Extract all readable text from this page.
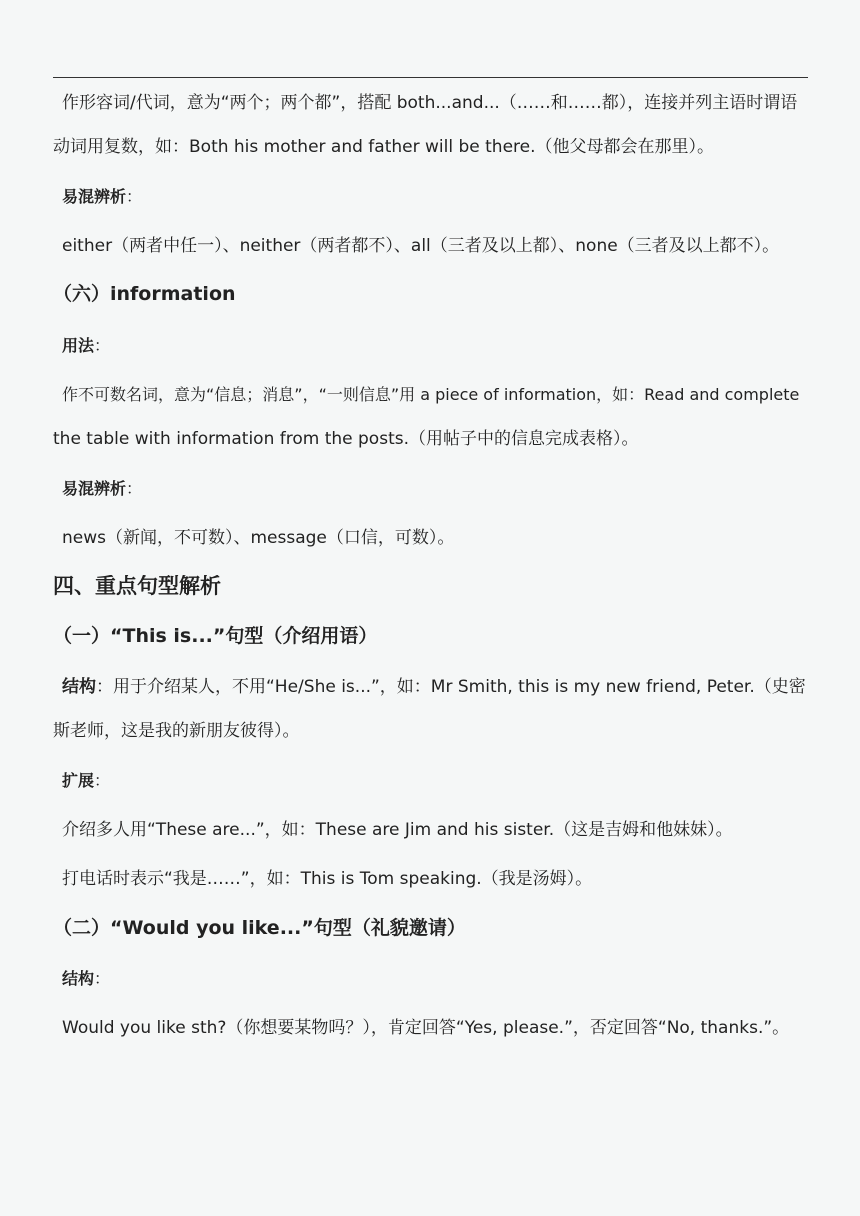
作形容词/代词，意为“两个；两个都”，搭配 both...and...（……和……都），连接并列主语时谓语
动词用复数，如：Both his mother and father will be there.（他父母都会在那里）。
易混辨析：
either（两者中任一）、neither（两者都不）、all（三者及以上都）、none（三者及以上都不）。
（六）information
用法：
作不可数名词，意为“信息；消息”，“一则信息”用 a piece of information，如：Read and complete
the table with information from the posts.（用帖子中的信息完成表格）。
易混辨析：
news（新闻，不可数）、message（口信，可数）。
四、重点句型解析
（一）“This is...”句型（介绍用语）
结构：用于介绍某人，不用“He/She is...”，如：Mr Smith, this is my new friend, Peter.（史密
斯老师，这是我的新朋友彼得）。
扩展：
介绍多人用“These are...”，如：These are Jim and his sister.（这是吉姆和他妹妹）。
打电话时表示“我是……”，如：This is Tom speaking.（我是汤姆）。
（二）“Would you like...”句型（礼貌邀请）
结构：
Would you like sth?（你想要某物吗？），肯定回答“Yes, please.”，否定回答“No, thanks.”。
